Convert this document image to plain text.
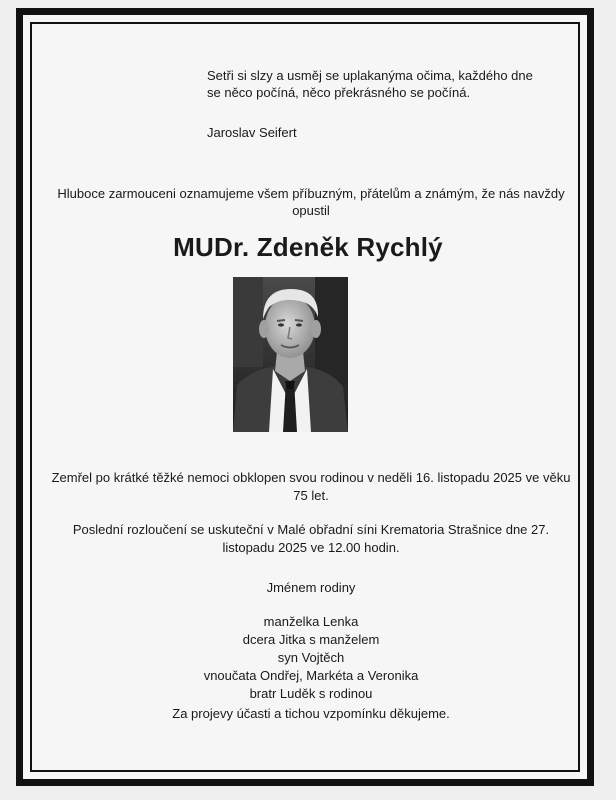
Setři si slzy a usměj se uplakanýma očima, každého dne
se něco počíná, něco překrásného se počíná.
Jaroslav Seifert
Hluboce zarmouceni oznamujeme všem příbuzným, přátelům a známým, že nás navždy
opustil
MUDr. Zdeněk Rychlý
Zemřel po krátké těžké nemoci obklopen svou rodinou v neděli 16. listopadu 2025 ve věku
75 let.
Poslední rozloučení se uskuteční v Malé obřadní síni Krematoria Strašnice dne 27.
listopadu 2025 ve 12.00 hodin.
Jménem rodiny
manželka Lenka
dcera Jitka s manželem
syn Vojtěch
vnoučata Ondřej, Markéta a Veronika
bratr Luděk s rodinou
Za projevy účasti a tichou vzpomínku děkujeme.
